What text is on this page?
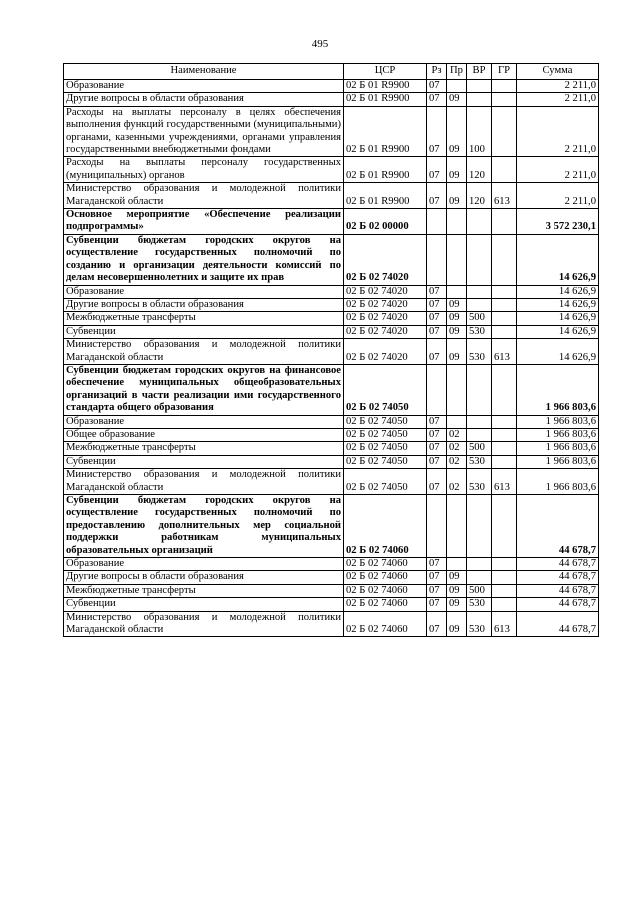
495
Наименование	ЦСР	Рз	Пр	ВР	ГР	Сумма
Образование	02 Б 01 R9900	07				2 211,0
Другие вопросы в области образования	02 Б 01 R9900	07	09			2 211,0
Расходы на выплаты персоналу в целях обеспечения выполнения функций государственными (муниципальными) органами, казенными учреждениями, органами управления государственными внебюджетными фондами	02 Б 01 R9900	07	09	100		2 211,0
Расходы на выплаты персоналу государственных (муниципальных) органов	02 Б 01 R9900	07	09	120		2 211,0
Министерство образования и молодежной политики Магаданской области	02 Б 01 R9900	07	09	120	613	2 211,0
Основное мероприятие «Обеспечение реализации подпрограммы»	02 Б 02 00000					3 572 230,1
Субвенции бюджетам городских округов на осуществление государственных полномочий по созданию и организации деятельности комиссий по делам несовершеннолетних и защите их прав	02 Б 02 74020					14 626,9
Образование	02 Б 02 74020	07				14 626,9
Другие вопросы в области образования	02 Б 02 74020	07	09			14 626,9
Межбюджетные трансферты	02 Б 02 74020	07	09	500		14 626,9
Субвенции	02 Б 02 74020	07	09	530		14 626,9
Министерство образования и молодежной политики Магаданской области	02 Б 02 74020	07	09	530	613	14 626,9
Субвенции бюджетам городских округов на финансовое обеспечение муниципальных общеобразовательных организаций в части реализации ими государственного стандарта общего образования	02 Б 02 74050					1 966 803,6
Образование	02 Б 02 74050	07				1 966 803,6
Общее образование	02 Б 02 74050	07	02			1 966 803,6
Межбюджетные трансферты	02 Б 02 74050	07	02	500		1 966 803,6
Субвенции	02 Б 02 74050	07	02	530		1 966 803,6
Министерство образования и молодежной политики Магаданской области	02 Б 02 74050	07	02	530	613	1 966 803,6
Субвенции бюджетам городских округов на осуществление государственных полномочий по предоставлению дополнительных мер социальной поддержки работникам муниципальных образовательных организаций	02 Б 02 74060					44 678,7
Образование	02 Б 02 74060	07				44 678,7
Другие вопросы в области образования	02 Б 02 74060	07	09			44 678,7
Межбюджетные трансферты	02 Б 02 74060	07	09	500		44 678,7
Субвенции	02 Б 02 74060	07	09	530		44 678,7
Министерство образования и молодежной политики Магаданской области	02 Б 02 74060	07	09	530	613	44 678,7
